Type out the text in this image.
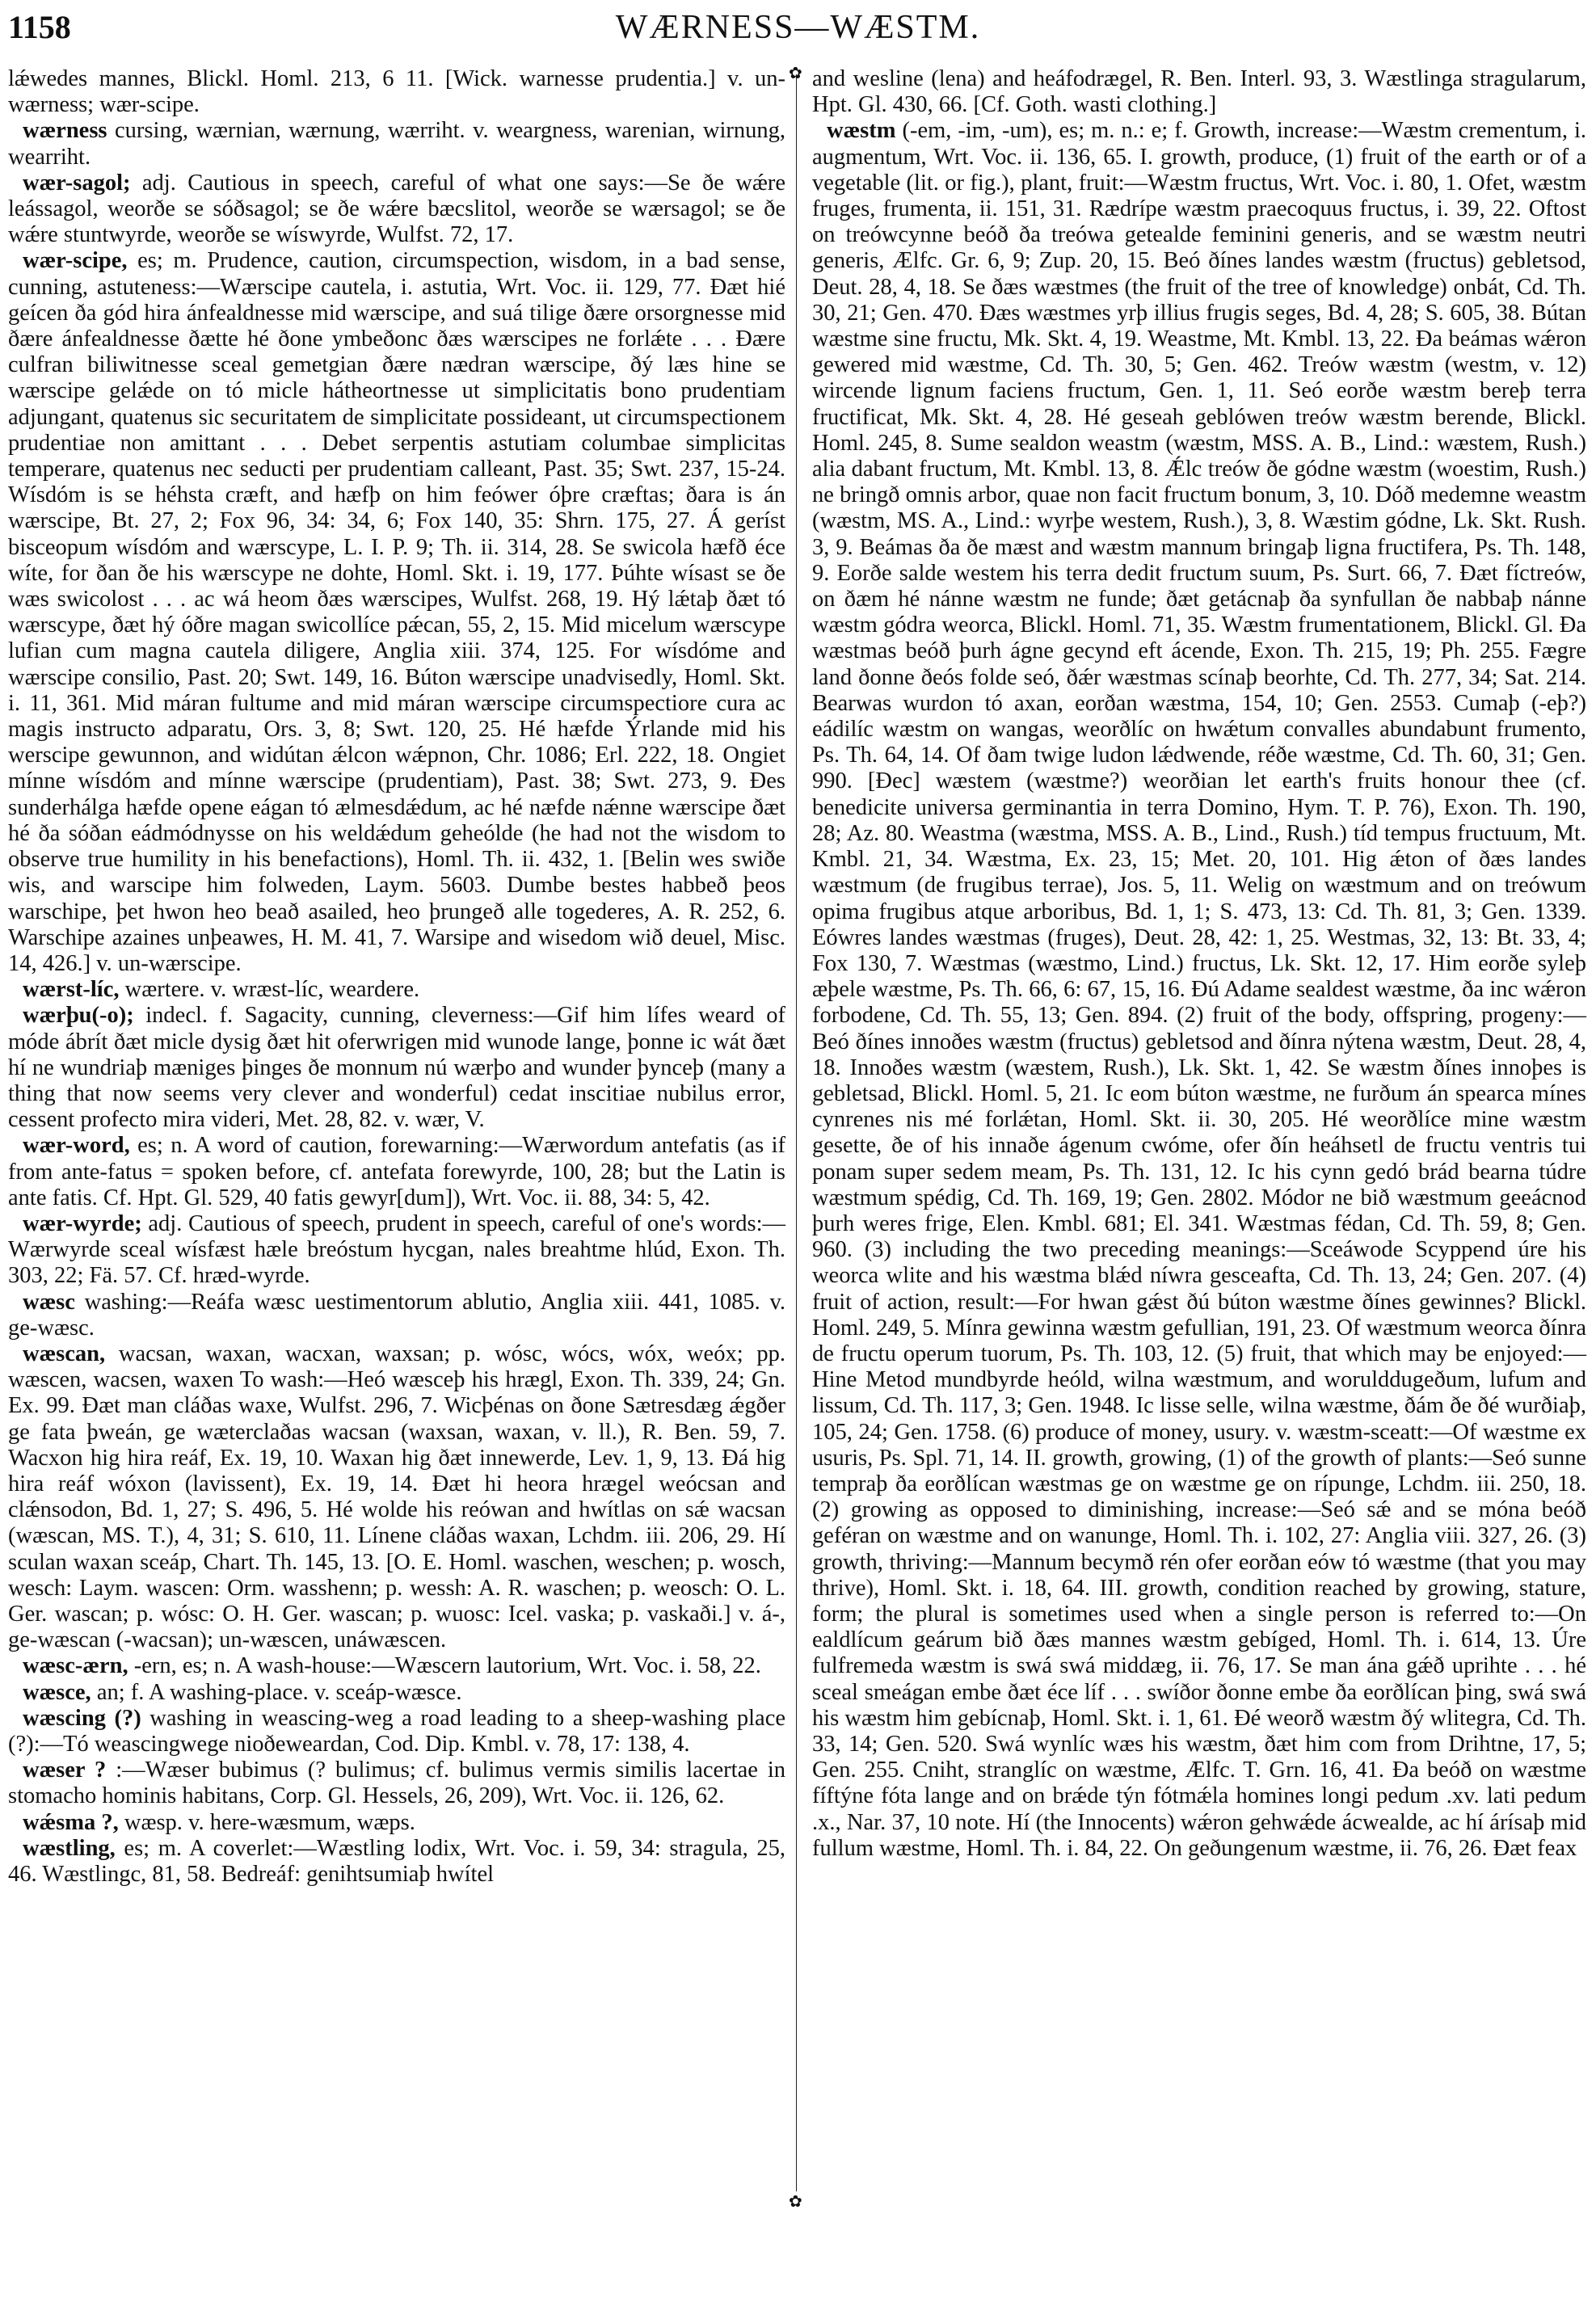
1158	WÆRNESS—WÆSTM.

lǽwedes mannes, Blickl. Homl. 213, 6 11. [Wick. warnesse prudentia.] v. un-wærness; wær-scipe.

wærness cursing, wærnian, wærnung, wærriht. v. weargness, warenian, wirnung, wearriht.

wær-sagol; adj. Cautious in speech, careful of what one says:—Se ðe wǽre leássagol, weorðe se sóðsagol; se ðe wǽre bæcslitol, weorðe se wærsagol; se ðe wǽre stuntwyrde, weorðe se wíswyrde, Wulfst. 72, 17.

wær-scipe, es; m. Prudence, caution, circumspection, wisdom, in a bad sense, cunning, astuteness:—Wærscipe cautela, i. astutia, Wrt. Voc. ii. 129, 77. Ðæt hié geícen ða gód hira ánfealdnesse mid wærscipe, and suá tilige ðære orsorgnesse mid ðære ánfealdnesse ðætte hé ðone ymbeðonc ðæs wærscipes ne forlǽte . . . Ðære culfran biliwitnesse sceal gemetgian ðære nædran wærscipe, ðý læs hine se wærscipe gelǽde on tó micle hátheortnesse ut simplicitatis bono prudentiam adjungant, quatenus sic securitatem de simplicitate possideant, ut circumspectionem prudentiae non amittant . . . Debet serpentis astutiam columbae simplicitas temperare, quatenus nec seducti per prudentiam calleant, Past. 35; Swt. 237, 15-24. Wísdóm is se héhsta cræft, and hæfþ on him feówer óþre cræftas; ðara is án wærscipe, Bt. 27, 2; Fox 96, 34: 34, 6; Fox 140, 35: Shrn. 175, 27. Á geríst bisceopum wísdóm and wærscype, L. I. P. 9; Th. ii. 314, 28. Se swicola hæfð éce wíte, for ðan ðe his wærscype ne dohte, Homl. Skt. i. 19, 177. Þúhte wísast se ðe wæs swicolost . . . ac wá heom ðæs wærscipes, Wulfst. 268, 19. Hý lǽtaþ ðæt tó wærscype, ðæt hý óðre magan swicollíce pǽcan, 55, 2, 15. Mid micelum wærscype lufian cum magna cautela diligere, Anglia xiii. 374, 125. For wísdóme and wærscipe consilio, Past. 20; Swt. 149, 16. Búton wærscipe unadvisedly, Homl. Skt. i. 11, 361. Mid máran fultume and mid máran wærscipe circumspectiore cura ac magis instructo adparatu, Ors. 3, 8; Swt. 120, 25. Hé hæfde Ýrlande mid his werscipe gewunnon, and widútan ǽlcon wǽpnon, Chr. 1086; Erl. 222, 18. Ongiet mínne wísdóm and mínne wærscipe (prudentiam), Past. 38; Swt. 273, 9. Ðes sunderhálga hæfde opene eágan tó ælmesdǽdum, ac hé næfde nǽnne wærscipe ðæt hé ða sóðan eádmódnysse on his weldǽdum geheólde (he had not the wisdom to observe true humility in his benefactions), Homl. Th. ii. 432, 1. [Belin wes swiðe wis, and warscipe him folweden, Laym. 5603. Dumbe bestes habbeð þeos warschipe, þet hwon heo beað asailed, heo þrungeð alle togederes, A. R. 252, 6. Warschipe azaines unþeawes, H. M. 41, 7. Warsipe and wisedom wið deuel, Misc. 14, 426.] v. un-wærscipe.

wærst-líc, wærtere. v. wræst-líc, weardere.

wærþu(-o); indecl. f. Sagacity, cunning, cleverness:—Gif him lífes weard of móde ábrít ðæt micle dysig ðæt hit oferwrigen mid wunode lange, þonne ic wát ðæt hí ne wundriaþ mæniges þinges ðe monnum nú wærþo and wunder þynceþ (many a thing that now seems very clever and wonderful) cedat inscitiae nubilus error, cessent profecto mira videri, Met. 28, 82. v. wær, V.

wær-word, es; n. A word of caution, forewarning:—Wærwordum antefatis (as if from ante-fatus = spoken before, cf. antefata forewyrde, 100, 28; but the Latin is ante fatis. Cf. Hpt. Gl. 529, 40 fatis gewyr[dum]), Wrt. Voc. ii. 88, 34: 5, 42.

wær-wyrde; adj. Cautious of speech, prudent in speech, careful of one's words:—Wærwyrde sceal wísfæst hæle breóstum hycgan, nales breahtme hlúd, Exon. Th. 303, 22; Fä. 57. Cf. hræd-wyrde.

wæsc washing:—Reáfa wæsc uestimentorum ablutio, Anglia xiii. 441, 1085. v. ge-wæsc.

wæscan, wacsan, waxan, wacxan, waxsan; p. wósc, wócs, wóx, weóx; pp. wæscen, wacsen, waxen To wash:—Heó wæsceþ his hrægl, Exon. Th. 339, 24; Gn. Ex. 99. Ðæt man cláðas waxe, Wulfst. 296, 7. Wicþénas on ðone Sætresdæg ǽgðer ge fata þweán, ge wæterclaðas wacsan (waxsan, waxan, v. ll.), R. Ben. 59, 7. Wacxon hig hira reáf, Ex. 19, 10. Waxan hig ðæt innewerde, Lev. 1, 9, 13. Ðá hig hira reáf wóxon (lavissent), Ex. 19, 14. Ðæt hi heora hrægel weócsan and clǽnsodon, Bd. 1, 27; S. 496, 5. Hé wolde his reówan and hwítlas on sǽ wacsan (wæscan, MS. T.), 4, 31; S. 610, 11. Línene cláðas waxan, Lchdm. iii. 206, 29. Hí sculan waxan sceáp, Chart. Th. 145, 13. [O. E. Homl. waschen, weschen; p. wosch, wesch: Laym. wascen: Orm. wasshenn; p. wessh: A. R. waschen; p. weosch: O. L. Ger. wascan; p. wósc: O. H. Ger. wascan; p. wuosc: Icel. vaska; p. vaskaði.] v. á-, ge-wæscan (-wacsan); un-wæscen, unáwæscen.

wæsc-ærn, -ern, es; n. A wash-house:—Wæscern lautorium, Wrt. Voc. i. 58, 22.

wæsce, an; f. A washing-place. v. sceáp-wæsce.

wæscing (?) washing in weascing-weg a road leading to a sheep-washing place (?):—Tó weascingwege nioðeweardan, Cod. Dip. Kmbl. v. 78, 17: 138, 4.

wæser ? :—Wæser bubimus (? bulimus; cf. bulimus vermis similis lacertae in stomacho hominis habitans, Corp. Gl. Hessels, 26, 209), Wrt. Voc. ii. 126, 62.

wǽsma ?, wæsp. v. here-wæsmum, wæps.

wæstling, es; m. A coverlet:—Wæstling lodix, Wrt. Voc. i. 59, 34: stragula, 25, 46. Wæstlingc, 81, 58. Bedreáf: genihtsumiaþ hwítel

✿
✿

and wesline (lena) and heáfodrægel, R. Ben. Interl. 93, 3. Wæstlinga stragularum, Hpt. Gl. 430, 66. [Cf. Goth. wasti clothing.]

wæstm (-em, -im, -um), es; m. n.: e; f. Growth, increase:—Wæstm crementum, i. augmentum, Wrt. Voc. ii. 136, 65. I. growth, produce, (1) fruit of the earth or of a vegetable (lit. or fig.), plant, fruit:—Wæstm fructus, Wrt. Voc. i. 80, 1. Ofet, wæstm fruges, frumenta, ii. 151, 31. Rædrípe wæstm praecoquus fructus, i. 39, 22. Oftost on treówcynne beóð ða treówa getealde feminini generis, and se wæstm neutri generis, Ælfc. Gr. 6, 9; Zup. 20, 15. Beó ðínes landes wæstm (fructus) gebletsod, Deut. 28, 4, 18. Se ðæs wæstmes (the fruit of the tree of knowledge) onbát, Cd. Th. 30, 21; Gen. 470. Ðæs wæstmes yrþ illius frugis seges, Bd. 4, 28; S. 605, 38. Bútan wæstme sine fructu, Mk. Skt. 4, 19. Weastme, Mt. Kmbl. 13, 22. Ða beámas wǽron gewered mid wæstme, Cd. Th. 30, 5; Gen. 462. Treów wæstm (westm, v. 12) wircende lignum faciens fructum, Gen. 1, 11. Seó eorðe wæstm bereþ terra fructificat, Mk. Skt. 4, 28. Hé geseah geblówen treów wæstm berende, Blickl. Homl. 245, 8. Sume sealdon weastm (wæstm, MSS. A. B., Lind.: wæstem, Rush.) alia dabant fructum, Mt. Kmbl. 13, 8. Ǽlc treów ðe gódne wæstm (woestim, Rush.) ne bringð omnis arbor, quae non facit fructum bonum, 3, 10. Dóð medemne weastm (wæstm, MS. A., Lind.: wyrþe westem, Rush.), 3, 8. Wæstim gódne, Lk. Skt. Rush. 3, 9. Beámas ða ðe mæst and wæstm mannum bringaþ ligna fructifera, Ps. Th. 148, 9. Eorðe salde westem his terra dedit fructum suum, Ps. Surt. 66, 7. Ðæt fíctreów, on ðæm hé nánne wæstm ne funde; ðæt getácnaþ ða synfullan ðe nabbaþ nánne wæstm gódra weorca, Blickl. Homl. 71, 35. Wæstm frumentationem, Blickl. Gl. Ða wæstmas beóð þurh ágne gecynd eft ácende, Exon. Th. 215, 19; Ph. 255. Fægre land ðonne ðeós folde seó, ðǽr wæstmas scínaþ beorhte, Cd. Th. 277, 34; Sat. 214. Bearwas wurdon tó axan, eorðan wæstma, 154, 10; Gen. 2553. Cumaþ (-eþ?) eádilíc wæstm on wangas, weorðlíc on hwǽtum convalles abundabunt frumento, Ps. Th. 64, 14. Of ðam twige ludon lǽdwende, réðe wæstme, Cd. Th. 60, 31; Gen. 990. [Ðec] wæstem (wæstme?) weorðian let earth's fruits honour thee (cf. benedicite universa germinantia in terra Domino, Hym. T. P. 76), Exon. Th. 190, 28; Az. 80. Weastma (wæstma, MSS. A. B., Lind., Rush.) tíd tempus fructuum, Mt. Kmbl. 21, 34. Wæstma, Ex. 23, 15; Met. 20, 101. Hig ǽton of ðæs landes wæstmum (de frugibus terrae), Jos. 5, 11. Welig on wæstmum and on treówum opima frugibus atque arboribus, Bd. 1, 1; S. 473, 13: Cd. Th. 81, 3; Gen. 1339. Eówres landes wæstmas (fruges), Deut. 28, 42: 1, 25. Westmas, 32, 13: Bt. 33, 4; Fox 130, 7. Wæstmas (wæstmo, Lind.) fructus, Lk. Skt. 12, 17. Him eorðe syleþ æþele wæstme, Ps. Th. 66, 6: 67, 15, 16. Ðú Adame sealdest wæstme, ða inc wǽron forbodene, Cd. Th. 55, 13; Gen. 894. (2) fruit of the body, offspring, progeny:—Beó ðínes innoðes wæstm (fructus) gebletsod and ðínra nýtena wæstm, Deut. 28, 4, 18. Innoðes wæstm (wæstem, Rush.), Lk. Skt. 1, 42. Se wæstm ðínes innoþes is gebletsad, Blickl. Homl. 5, 21. Ic eom búton wæstme, ne furðum án spearca mínes cynrenes nis mé forlǽtan, Homl. Skt. ii. 30, 205. Hé weorðlíce mine wæstm gesette, ðe of his innaðe ágenum cwóme, ofer ðín heáhsetl de fructu ventris tui ponam super sedem meam, Ps. Th. 131, 12. Ic his cynn gedó brád bearna túdre wæstmum spédig, Cd. Th. 169, 19; Gen. 2802. Módor ne bið wæstmum geeácnod þurh weres frige, Elen. Kmbl. 681; El. 341. Wæstmas fédan, Cd. Th. 59, 8; Gen. 960. (3) including the two preceding meanings:—Sceáwode Scyppend úre his weorca wlite and his wæstma blǽd níwra gesceafta, Cd. Th. 13, 24; Gen. 207. (4) fruit of action, result:—For hwan gǽst ðú búton wæstme ðínes gewinnes? Blickl. Homl. 249, 5. Mínra gewinna wæstm gefullian, 191, 23. Of wæstmum weorca ðínra de fructu operum tuorum, Ps. Th. 103, 12. (5) fruit, that which may be enjoyed:—Hine Metod mundbyrde heóld, wilna wæstmum, and worulddugeðum, lufum and lissum, Cd. Th. 117, 3; Gen. 1948. Ic lisse selle, wilna wæstme, ðám ðe ðé wurðiaþ, 105, 24; Gen. 1758. (6) produce of money, usury. v. wæstm-sceatt:—Of wæstme ex usuris, Ps. Spl. 71, 14. II. growth, growing, (1) of the growth of plants:—Seó sunne tempraþ ða eorðlícan wæstmas ge on wæstme ge on rípunge, Lchdm. iii. 250, 18. (2) growing as opposed to diminishing, increase:—Seó sǽ and se móna beóð geféran on wæstme and on wanunge, Homl. Th. i. 102, 27: Anglia viii. 327, 26. (3) growth, thriving:—Mannum becymð rén ofer eorðan eów tó wæstme (that you may thrive), Homl. Skt. i. 18, 64. III. growth, condition reached by growing, stature, form; the plural is sometimes used when a single person is referred to:—On ealdlícum geárum bið ðæs mannes wæstm gebíged, Homl. Th. i. 614, 13. Úre fulfremeda wæstm is swá swá middæg, ii. 76, 17. Se man ána gǽð uprihte . . . hé sceal smeágan embe ðæt éce líf . . . swíðor ðonne embe ða eorðlícan þing, swá swá his wæstm him gebícnaþ, Homl. Skt. i. 1, 61. Ðé weorð wæstm ðý wlitegra, Cd. Th. 33, 14; Gen. 520. Swá wynlíc wæs his wæstm, ðæt him com from Drihtne, 17, 5; Gen. 255. Cniht, stranglíc on wæstme, Ælfc. T. Grn. 16, 41. Ða beóð on wæstme fíftýne fóta lange and on brǽde týn fótmǽla homines longi pedum .xv. lati pedum .x., Nar. 37, 10 note. Hí (the Innocents) wǽron gehwǽde ácwealde, ac hí árísaþ mid fullum wæstme, Homl. Th. i. 84, 22. On geðungenum wæstme, ii. 76, 26. Ðæt feax
